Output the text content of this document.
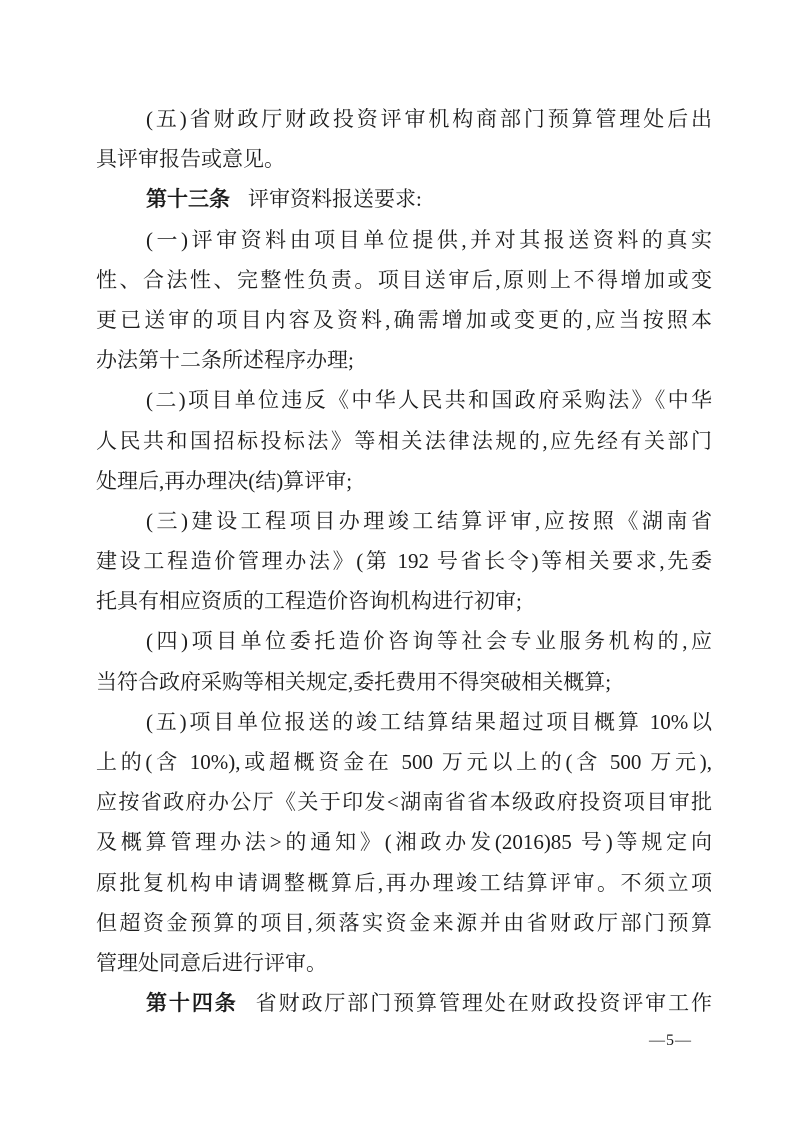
(五)省财政厅财政投资评审机构商部门预算管理处后出
具评审报告或意见。
第十三条 评审资料报送要求:
(一)评审资料由项目单位提供,并对其报送资料的真实
性、合法性、完整性负责。项目送审后,原则上不得增加或变
更已送审的项目内容及资料,确需增加或变更的,应当按照本
办法第十二条所述程序办理;
(二)项目单位违反《中华人民共和国政府采购法》《中华
人民共和国招标投标法》等相关法律法规的,应先经有关部门
处理后,再办理决(结)算评审;
(三)建设工程项目办理竣工结算评审,应按照《湖南省
建设工程造价管理办法》(第 192 号省长令)等相关要求,先委
托具有相应资质的工程造价咨询机构进行初审;
(四)项目单位委托造价咨询等社会专业服务机构的,应
当符合政府采购等相关规定,委托费用不得突破相关概算;
(五)项目单位报送的竣工结算结果超过项目概算 10%以
上的(含 10%),或超概资金在 500 万元以上的(含 500 万元),
应按省政府办公厅《关于印发<湖南省省本级政府投资项目审批
及概算管理办法>的通知》(湘政办发(2016)85 号)等规定向
原批复机构申请调整概算后,再办理竣工结算评审。不须立项
但超资金预算的项目,须落实资金来源并由省财政厅部门预算
管理处同意后进行评审。
第十四条 省财政厅部门预算管理处在财政投资评审工作
—5—
